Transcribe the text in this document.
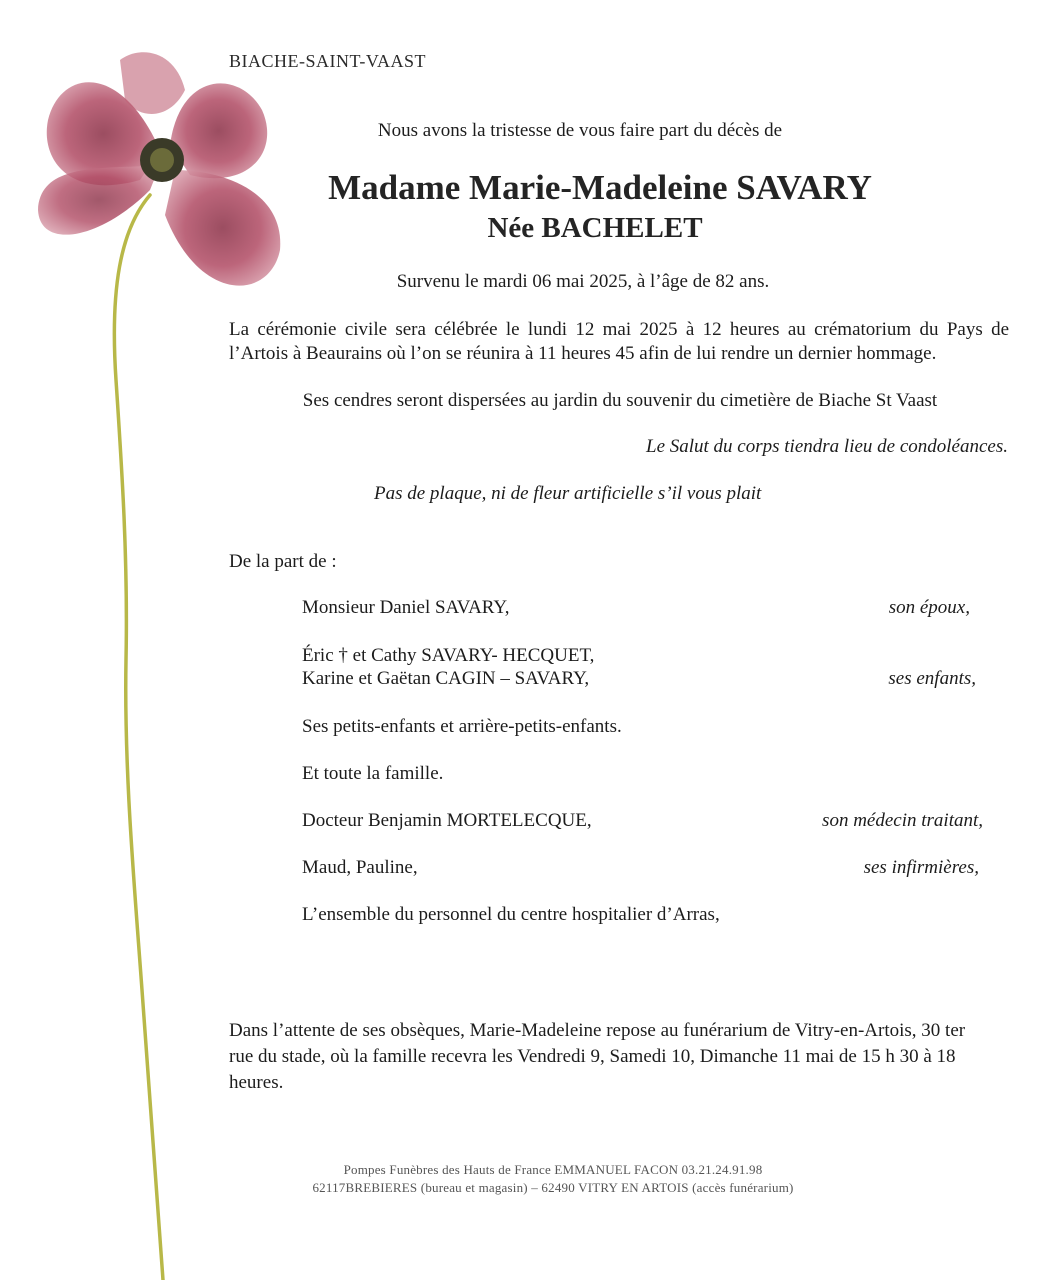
BIACHE-SAINT-VAAST
Nous avons la tristesse de vous faire part du décès de
Madame Marie-Madeleine SAVARY
Née BACHELET
Survenu le mardi 06 mai 2025, à l’âge de 82 ans.
La cérémonie civile sera célébrée le lundi 12 mai 2025 à 12 heures au crématorium du Pays de l’Artois à Beaurains où l’on se réunira à 11 heures 45 afin de lui rendre un dernier hommage.
Ses cendres seront dispersées au jardin du souvenir du cimetière de Biache St Vaast
Le Salut du corps tiendra lieu de condoléances.
Pas de plaque, ni de fleur artificielle s’il vous plait
De la part de :
Monsieur Daniel SAVARY,	son époux,
Éric † et Cathy SAVARY- HECQUET,
Karine et Gaëtan CAGIN – SAVARY,	ses enfants,
Ses petits-enfants et arrière-petits-enfants.
Et toute la famille.
Docteur Benjamin MORTELECQUE,	son médecin traitant,
Maud, Pauline,	ses infirmières,
L’ensemble du personnel du centre hospitalier d’Arras,
Dans l’attente de ses obsèques, Marie-Madeleine repose au funérarium de Vitry-en-Artois, 30 ter rue du stade, où la famille recevra les Vendredi 9, Samedi 10, Dimanche 11 mai de 15 h 30 à 18 heures.
Pompes Funèbres des Hauts de France EMMANUEL FACON 03.21.24.91.98
62117BREBIERES (bureau et magasin) – 62490 VITRY EN ARTOIS (accès funérarium)
